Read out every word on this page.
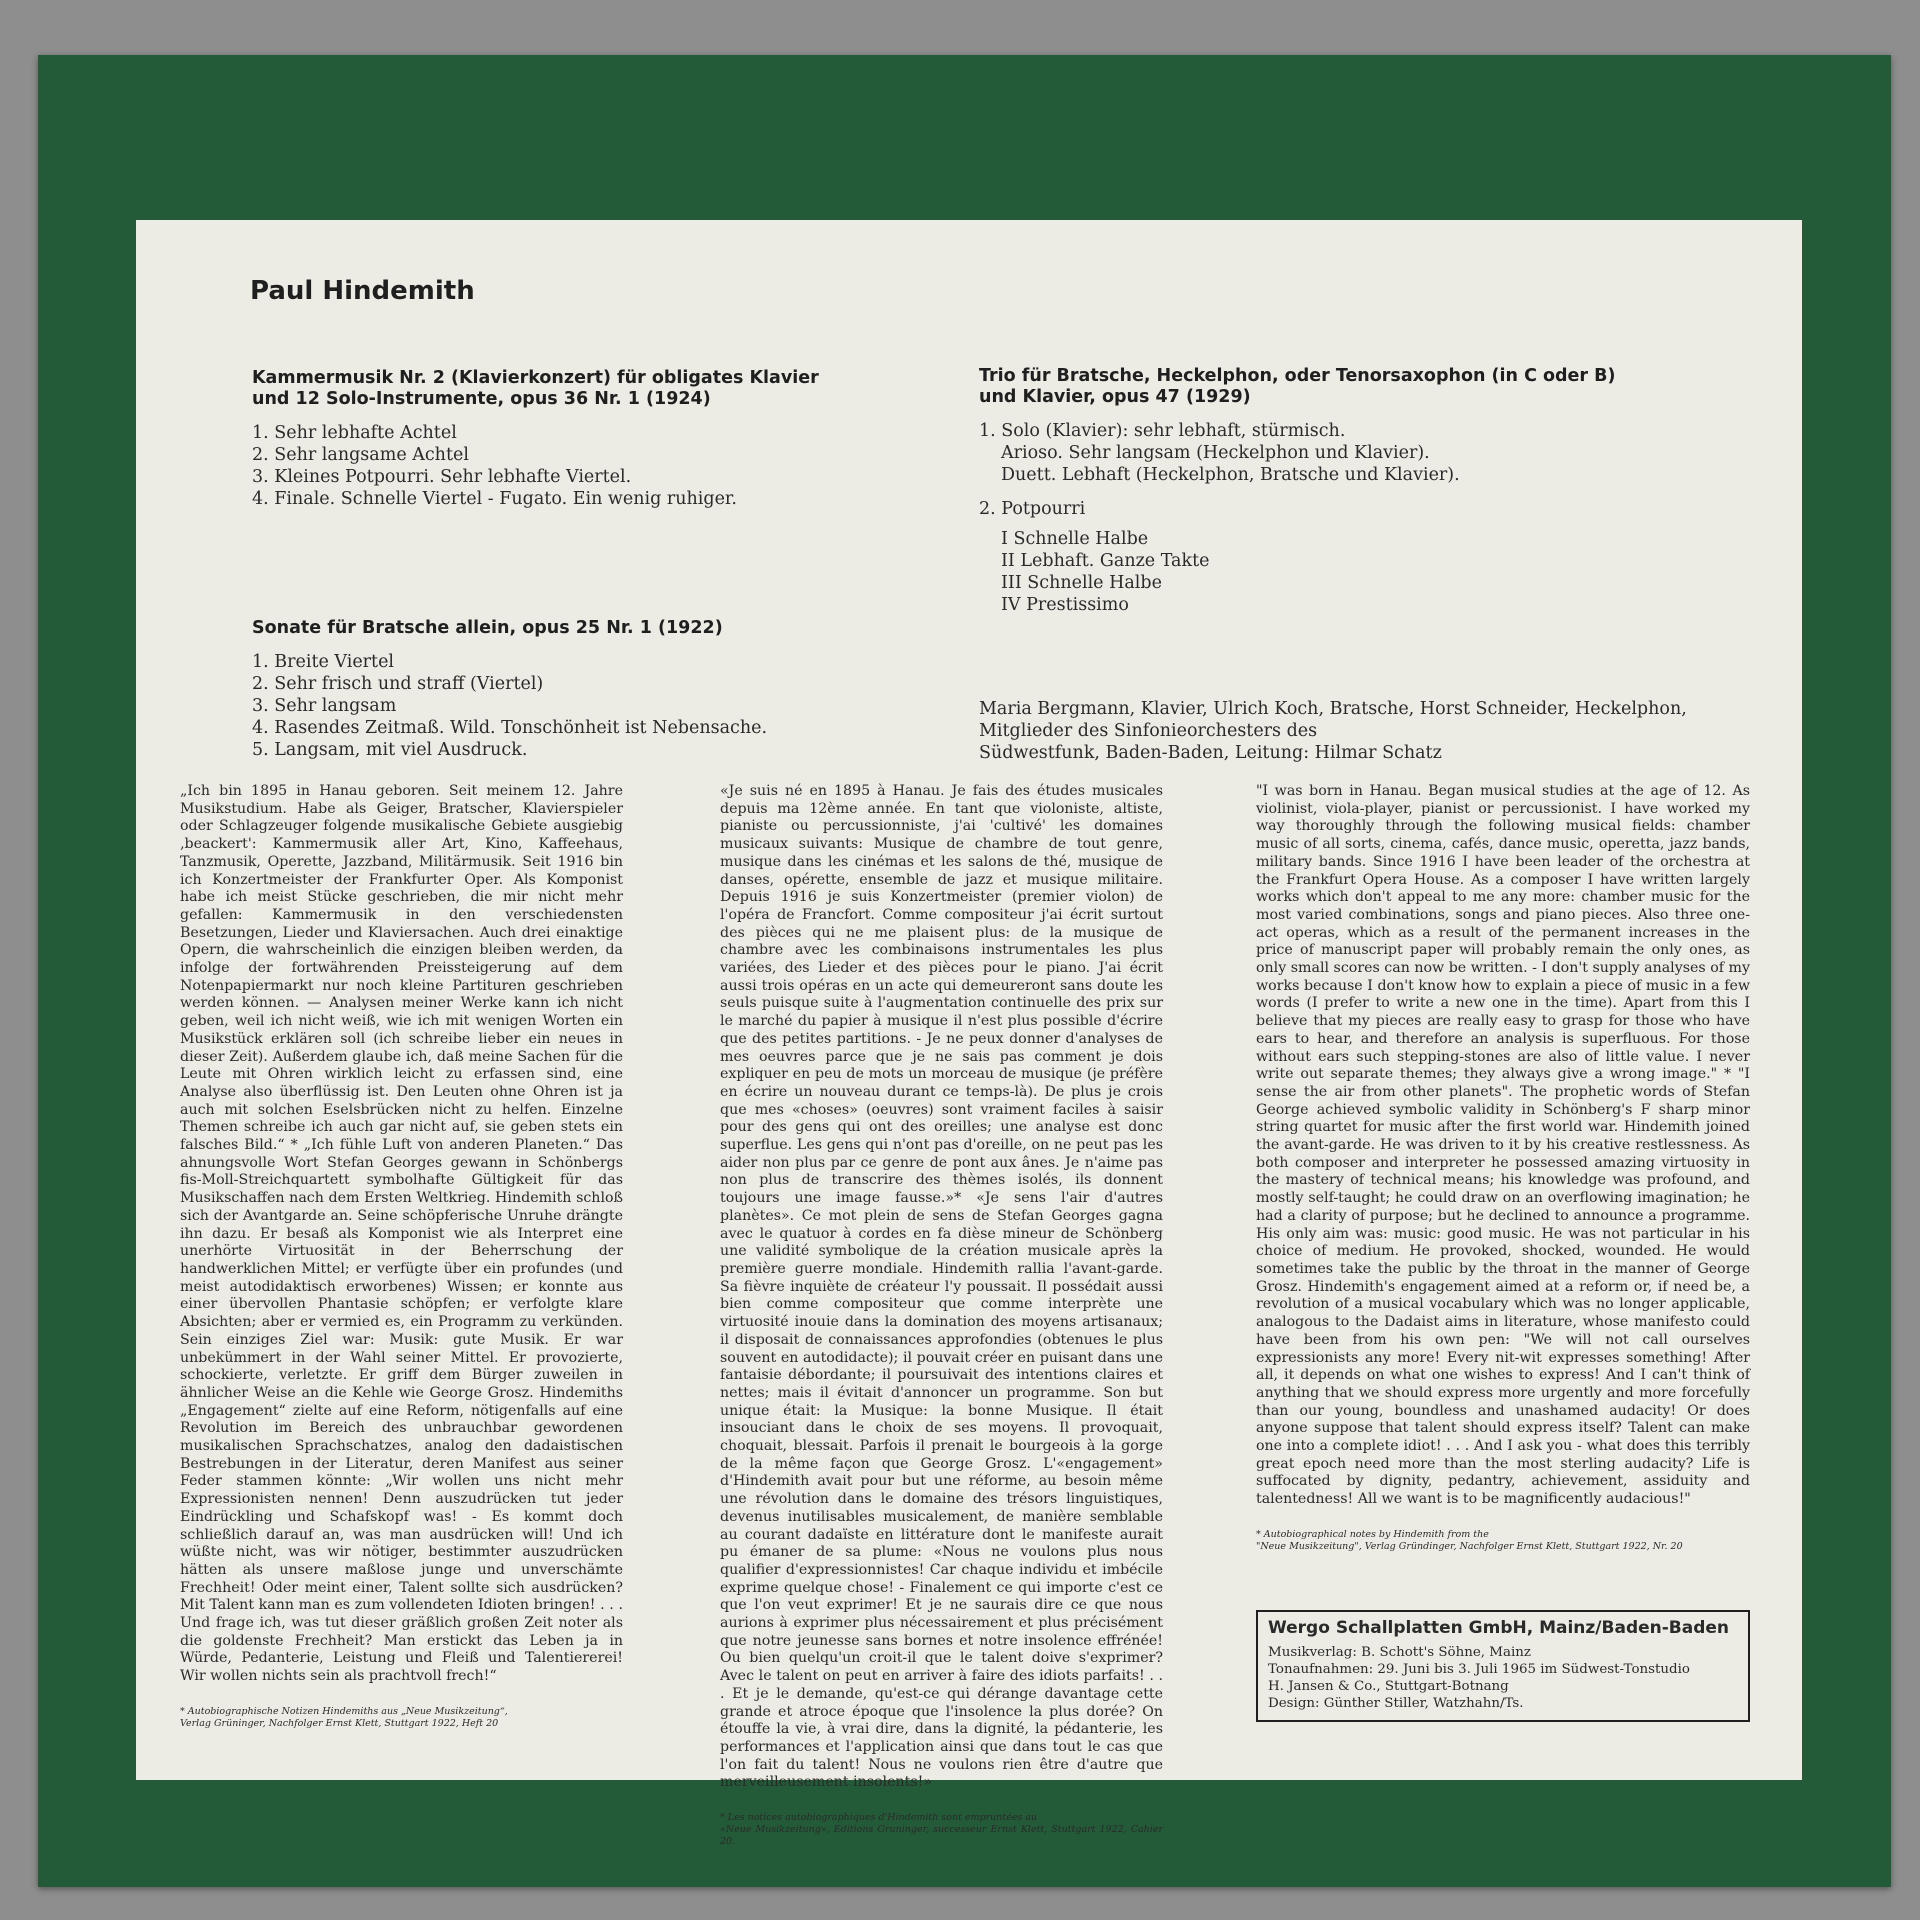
Paul Hindemith

Kammermusik Nr. 2 (Klavierkonzert) für obligates Klavier
und 12 Solo-Instrumente, opus 36 Nr. 1 (1924)

1. Sehr lebhafte Achtel
2. Sehr langsame Achtel
3. Kleines Potpourri. Sehr lebhafte Viertel.
4. Finale. Schnelle Viertel - Fugato. Ein wenig ruhiger.

Sonate für Bratsche allein, opus 25 Nr. 1 (1922)

1. Breite Viertel
2. Sehr frisch und straff (Viertel)
3. Sehr langsam
4. Rasendes Zeitmaß. Wild. Tonschönheit ist Nebensache.
5. Langsam, mit viel Ausdruck.

Trio für Bratsche, Heckelphon, oder Tenorsaxophon (in C oder B)
und Klavier, opus 47 (1929)

1. Solo (Klavier): sehr lebhaft, stürmisch.
Arioso. Sehr langsam (Heckelphon und Klavier).
Duett. Lebhaft (Heckelphon, Bratsche und Klavier).
2. Potpourri
I Schnelle Halbe
II Lebhaft. Ganze Takte
III Schnelle Halbe
IV Prestissimo
Maria Bergmann, Klavier, Ulrich Koch, Bratsche, Horst Schneider, Heckelphon,
Mitglieder des Sinfonieorchesters des
Südwestfunk, Baden-Baden, Leitung: Hilmar Schatz

„Ich bin 1895 in Hanau geboren. Seit meinem 12. Jahre Musikstudium. Habe als Geiger, Bratscher, Klavierspieler oder Schlagzeuger folgende musikalische Gebiete ausgiebig ‚beackert': Kammermusik aller Art, Kino, Kaffeehaus, Tanzmusik, Operette, Jazzband, Militärmusik. Seit 1916 bin ich Konzertmeister der Frankfurter Oper. Als Komponist habe ich meist Stücke geschrieben, die mir nicht mehr gefallen: Kammermusik in den verschiedensten Besetzungen, Lieder und Klaviersachen. Auch drei einaktige Opern, die wahrscheinlich die einzigen bleiben werden, da infolge der fortwährenden Preissteigerung auf dem Notenpapiermarkt nur noch kleine Partituren geschrieben werden können. — Analysen meiner Werke kann ich nicht geben, weil ich nicht weiß, wie ich mit wenigen Worten ein Musikstück erklären soll (ich schreibe lieber ein neues in dieser Zeit). Außerdem glaube ich, daß meine Sachen für die Leute mit Ohren wirklich leicht zu erfassen sind, eine Analyse also überflüssig ist. Den Leuten ohne Ohren ist ja auch mit solchen Eselsbrücken nicht zu helfen. Einzelne Themen schreibe ich auch gar nicht auf, sie geben stets ein falsches Bild.“ * „Ich fühle Luft von anderen Planeten.“ Das ahnungsvolle Wort Stefan Georges gewann in Schönbergs fis-Moll-Streichquartett symbolhafte Gültigkeit für das Musikschaffen nach dem Ersten Weltkrieg. Hindemith schloß sich der Avantgarde an. Seine schöpferische Unruhe drängte ihn dazu. Er besaß als Komponist wie als Interpret eine unerhörte Virtuosität in der Beherrschung der handwerklichen Mittel; er verfügte über ein profundes (und meist autodidaktisch erworbenes) Wissen; er konnte aus einer übervollen Phantasie schöpfen; er verfolgte klare Absichten; aber er vermied es, ein Programm zu verkünden. Sein einziges Ziel war: Musik: gute Musik. Er war unbekümmert in der Wahl seiner Mittel. Er provozierte, schockierte, verletzte. Er griff dem Bürger zuweilen in ähnlicher Weise an die Kehle wie George Grosz. Hindemiths „Engagement“ zielte auf eine Reform, nötigenfalls auf eine Revolution im Bereich des unbrauchbar gewordenen musikalischen Sprachschatzes, analog den dadaistischen Bestrebungen in der Literatur, deren Manifest aus seiner Feder stammen könnte: „Wir wollen uns nicht mehr Expressionisten nennen! Denn auszudrücken tut jeder Eindrückling und Schafskopf was! - Es kommt doch schließlich darauf an, was man ausdrücken will! Und ich wüßte nicht, was wir nötiger, bestimmter auszudrücken hätten als unsere maßlose junge und unverschämte Frechheit! Oder meint einer, Talent sollte sich ausdrücken? Mit Talent kann man es zum vollendeten Idioten bringen! . . . Und frage ich, was tut dieser gräßlich großen Zeit noter als die goldenste Frechheit? Man erstickt das Leben ja in Würde, Pedanterie, Leistung und Fleiß und Talentiererei! Wir wollen nichts sein als prachtvoll frech!“

* Autobiographische Notizen Hindemiths aus „Neue Musikzeitung“,
Verlag Grüninger, Nachfolger Ernst Klett, Stuttgart 1922, Heft 20

«Je suis né en 1895 à Hanau. Je fais des études musicales depuis ma 12ème année. En tant que violoniste, altiste, pianiste ou percussionniste, j'ai 'cultivé' les domaines musicaux suivants: Musique de chambre de tout genre, musique dans les cinémas et les salons de thé, musique de danses, opérette, ensemble de jazz et musique militaire. Depuis 1916 je suis Konzertmeister (premier violon) de l'opéra de Francfort. Comme compositeur j'ai écrit surtout des pièces qui ne me plaisent plus: de la musique de chambre avec les combinaisons instrumentales les plus variées, des Lieder et des pièces pour le piano. J'ai écrit aussi trois opéras en un acte qui demeureront sans doute les seuls puisque suite à l'augmentation continuelle des prix sur le marché du papier à musique il n'est plus possible d'écrire que des petites partitions. - Je ne peux donner d'analyses de mes oeuvres parce que je ne sais pas comment je dois expliquer en peu de mots un morceau de musique (je préfère en écrire un nouveau durant ce temps-là). De plus je crois que mes «choses» (oeuvres) sont vraiment faciles à saisir pour des gens qui ont des oreilles; une analyse est donc superflue. Les gens qui n'ont pas d'oreille, on ne peut pas les aider non plus par ce genre de pont aux ânes. Je n'aime pas non plus de transcrire des thèmes isolés, ils donnent toujours une image fausse.»* «Je sens l'air d'autres planètes». Ce mot plein de sens de Stefan Georges gagna avec le quatuor à cordes en fa dièse mineur de Schönberg une validité symbolique de la création musicale après la première guerre mondiale. Hindemith rallia l'avant-garde. Sa fièvre inquiète de créateur l'y poussait. Il possédait aussi bien comme compositeur que comme interprète une virtuosité inouie dans la domination des moyens artisanaux; il disposait de connaissances approfondies (obtenues le plus souvent en autodidacte); il pouvait créer en puisant dans une fantaisie débordante; il poursuivait des intentions claires et nettes; mais il évitait d'annoncer un programme. Son but unique était: la Musique: la bonne Musique. Il était insouciant dans le choix de ses moyens. Il provoquait, choquait, blessait. Parfois il prenait le bourgeois à la gorge de la même façon que George Grosz. L'«engagement» d'Hindemith avait pour but une réforme, au besoin même une révolution dans le domaine des trésors linguistiques, devenus inutilisables musicalement, de manière semblable au courant dadaïste en littérature dont le manifeste aurait pu émaner de sa plume: «Nous ne voulons plus nous qualifier d'expressionnistes! Car chaque individu et imbécile exprime quelque chose! - Finalement ce qui importe c'est ce que l'on veut exprimer! Et je ne saurais dire ce que nous aurions à exprimer plus nécessairement et plus précisément que notre jeunesse sans bornes et notre insolence effrénée! Ou bien quelqu'un croit-il que le talent doive s'exprimer? Avec le talent on peut en arriver à faire des idiots parfaits! . . . Et je le demande, qu'est-ce qui dérange davantage cette grande et atroce époque que l'insolence la plus dorée? On étouffe la vie, à vrai dire, dans la dignité, la pédanterie, les performances et l'application ainsi que dans tout le cas que l'on fait du talent! Nous ne voulons rien être d'autre que merveilleusement insolents!»

* Les notices autobiographiques d'Hindemith sont empruntées au
«Neue Musikzeitung», Editions Gruninger, successeur Ernst Klett, Stuttgart 1922, Cahier 20.

"I was born in Hanau. Began musical studies at the age of 12. As violinist, viola-player, pianist or percussionist. I have worked my way thoroughly through the following musical fields: chamber music of all sorts, cinema, cafés, dance music, operetta, jazz bands, military bands. Since 1916 I have been leader of the orchestra at the Frankfurt Opera House. As a composer I have written largely works which don't appeal to me any more: chamber music for the most varied combinations, songs and piano pieces. Also three one-act operas, which as a result of the permanent increases in the price of manuscript paper will probably remain the only ones, as only small scores can now be written. - I don't supply analyses of my works because I don't know how to explain a piece of music in a few words (I prefer to write a new one in the time). Apart from this I believe that my pieces are really easy to grasp for those who have ears to hear, and therefore an analysis is superfluous. For those without ears such stepping-stones are also of little value. I never write out separate themes; they always give a wrong image." * "I sense the air from other planets". The prophetic words of Stefan George achieved symbolic validity in Schönberg's F sharp minor string quartet for music after the first world war. Hindemith joined the avant-garde. He was driven to it by his creative restlessness. As both composer and interpreter he possessed amazing virtuosity in the mastery of technical means; his knowledge was profound, and mostly self-taught; he could draw on an overflowing imagination; he had a clarity of purpose; but he declined to announce a programme. His only aim was: music: good music. He was not particular in his choice of medium. He provoked, shocked, wounded. He would sometimes take the public by the throat in the manner of George Grosz. Hindemith's engagement aimed at a reform or, if need be, a revolution of a musical vocabulary which was no longer applicable, analogous to the Dadaist aims in literature, whose manifesto could have been from his own pen: "We will not call ourselves expressionists any more! Every nit-wit expresses something! After all, it depends on what one wishes to express! And I can't think of anything that we should express more urgently and more forcefully than our young, boundless and unashamed audacity! Or does anyone suppose that talent should express itself? Talent can make one into a complete idiot! . . . And I ask you - what does this terribly great epoch need more than the most sterling audacity? Life is suffocated by dignity, pedantry, achievement, assiduity and talentedness! All we want is to be magnificently audacious!"

* Autobiographical notes by Hindemith from the
"Neue Musikzeitung", Verlag Gründinger, Nachfolger Ernst Klett, Stuttgart 1922, Nr. 20
Wergo Schallplatten GmbH, Mainz/Baden-Baden
Musikverlag: B. Schott's Söhne, Mainz
Tonaufnahmen: 29. Juni bis 3. Juli 1965 im Südwest-Tonstudio
H. Jansen & Co., Stuttgart-Botnang
Design: Günther Stiller, Watzhahn/Ts.
